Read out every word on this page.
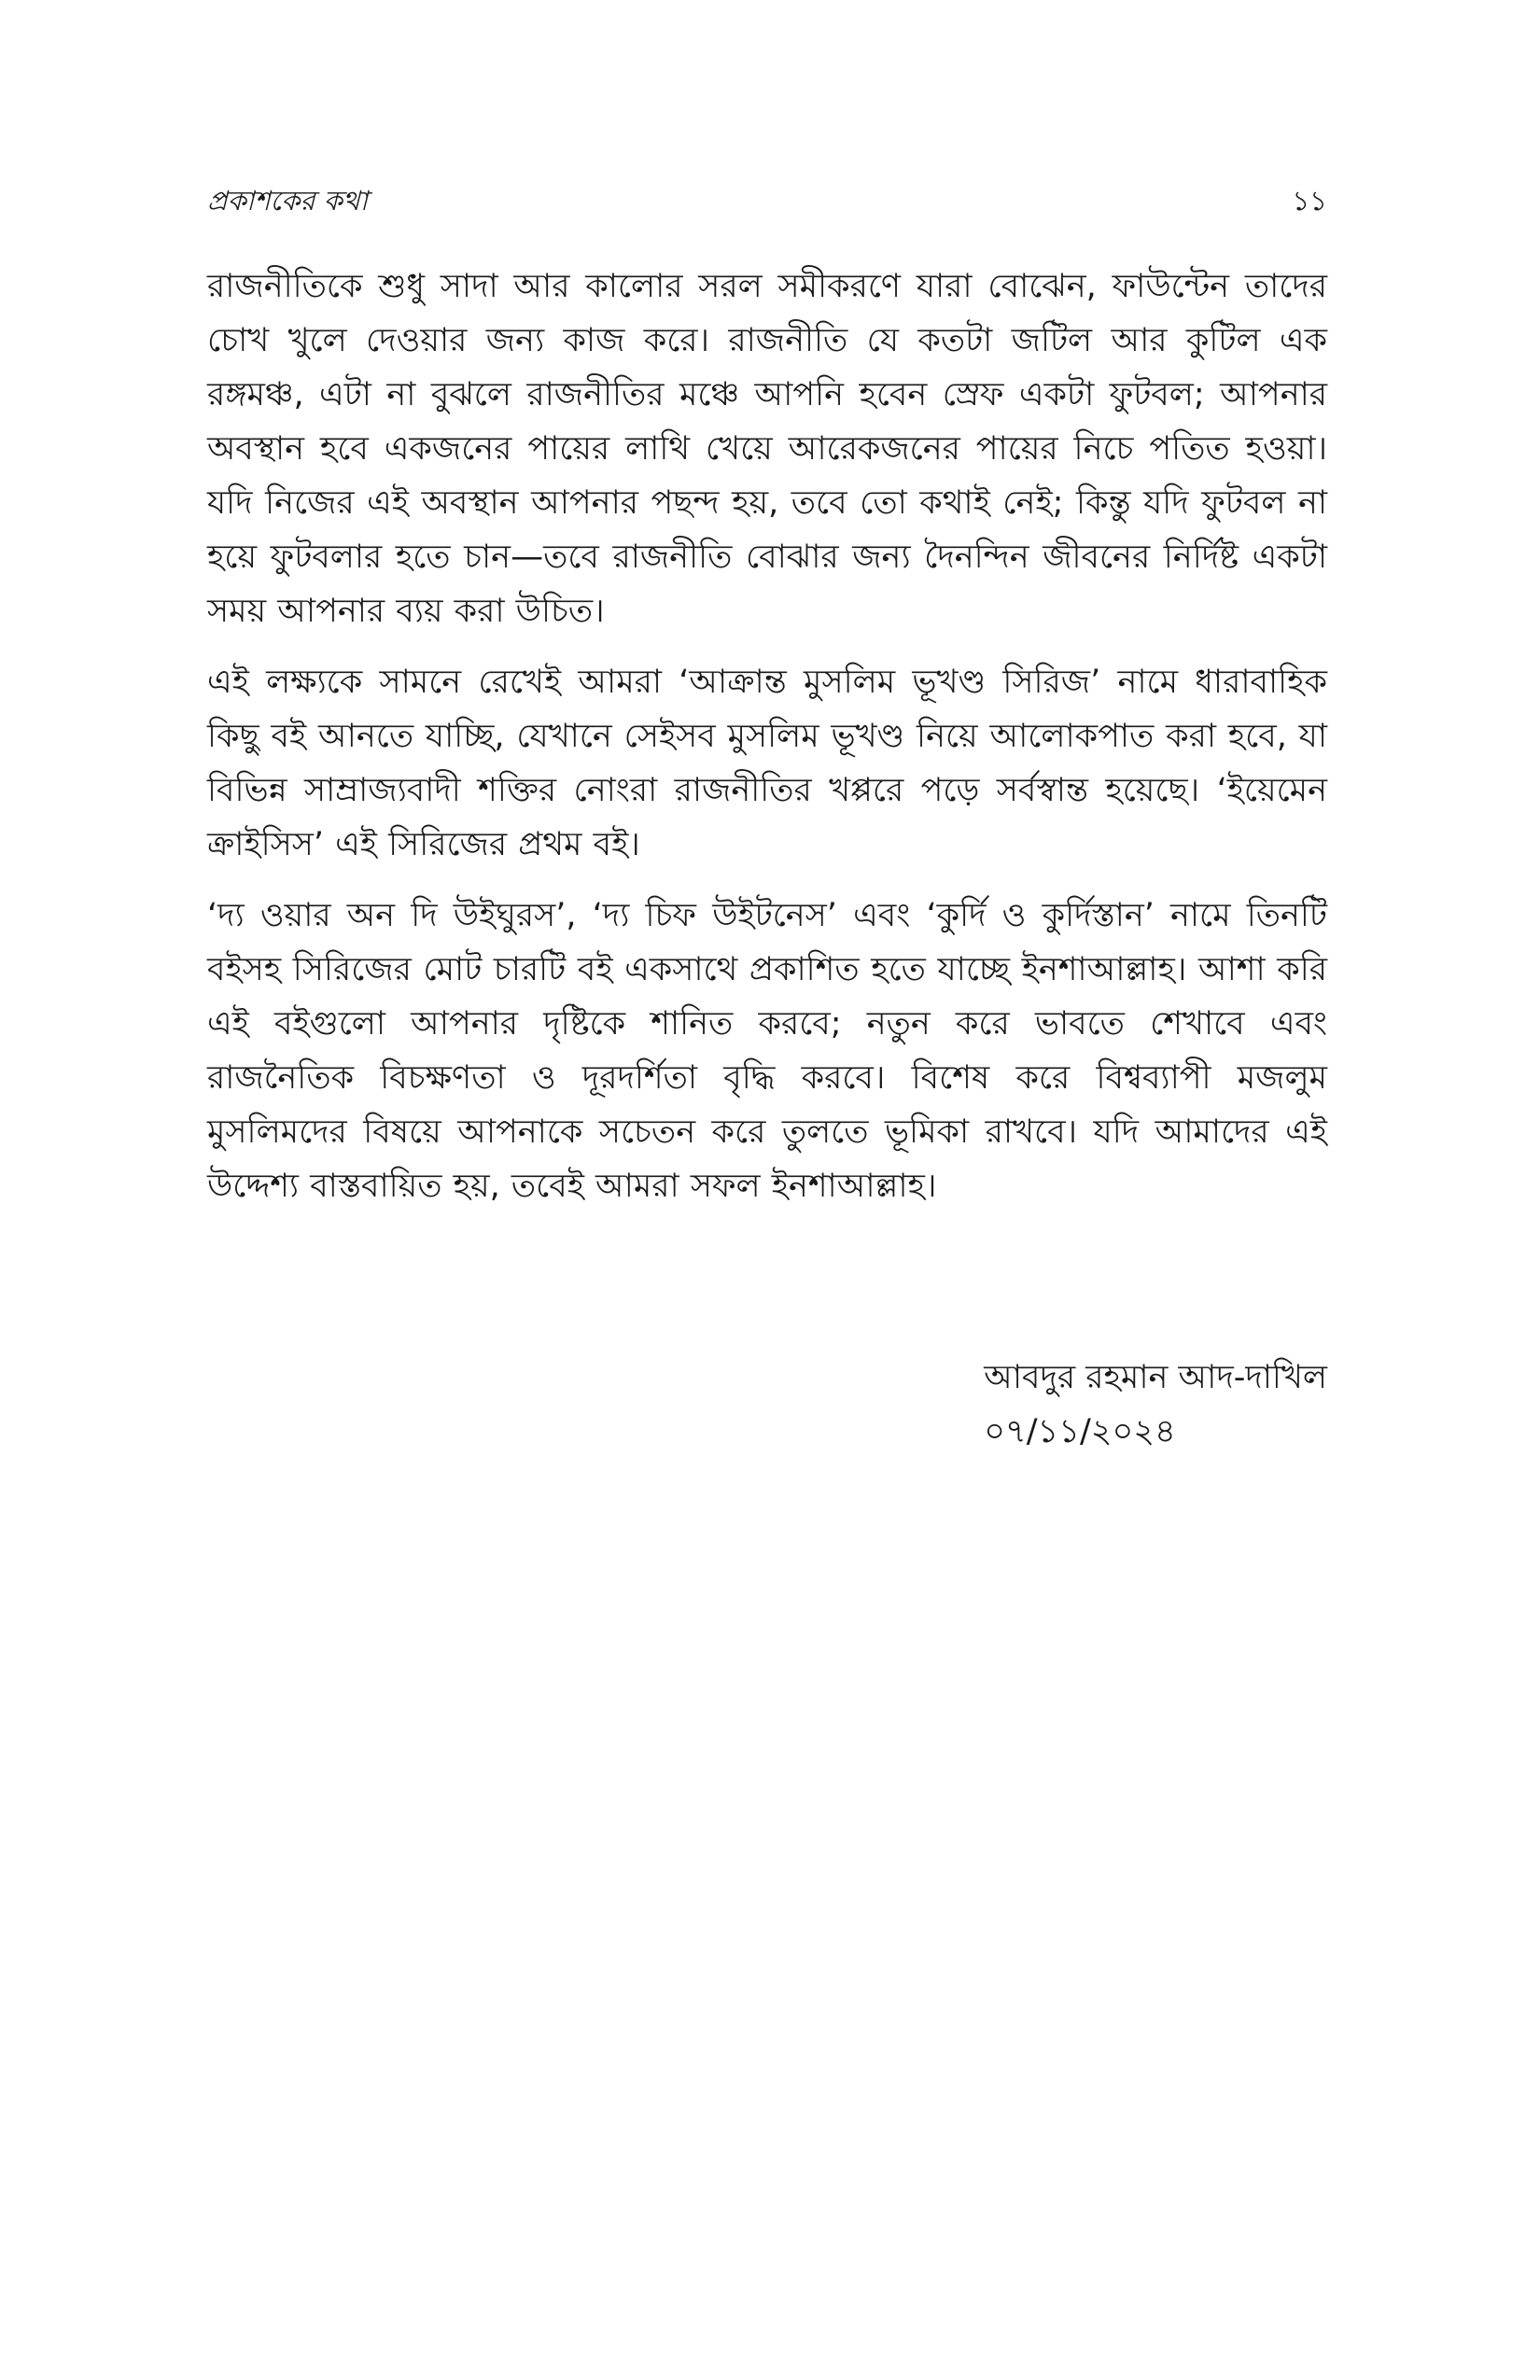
প্রকাশকের কথা	১১

রাজনীতিকে শুধু সাদা আর কালোর সরল সমীকরণে যারা বোঝেন, ফাউন্টেন তাদের চোখ খুলে দেওয়ার জন্য কাজ করে। রাজনীতি যে কতটা জটিল আর কুটিল এক রঙ্গমঞ্চ, এটা না বুঝলে রাজনীতির মঞ্চে আপনি হবেন স্রেফ একটা ফুটবল; আপনার অবস্থান হবে একজনের পায়ের লাথি খেয়ে আরেকজনের পায়ের নিচে পতিত হওয়া। যদি নিজের এই অবস্থান আপনার পছন্দ হয়, তবে তো কথাই নেই; কিন্তু যদি ফুটবল না হয়ে ফুটবলার হতে চান—তবে রাজনীতি বোঝার জন্য দৈনন্দিন জীবনের নির্দিষ্ট একটা সময় আপনার ব্যয় করা উচিত।

এই লক্ষ্যকে সামনে রেখেই আমরা ‘আক্রান্ত মুসলিম ভূখণ্ড সিরিজ’ নামে ধারাবাহিক কিছু বই আনতে যাচ্ছি, যেখানে সেইসব মুসলিম ভূখণ্ড নিয়ে আলোকপাত করা হবে, যা বিভিন্ন সাম্রাজ্যবাদী শক্তির নোংরা রাজনীতির খপ্পরে পড়ে সর্বস্বান্ত হয়েছে। ‘ইয়েমেন ক্রাইসিস’ এই সিরিজের প্রথম বই।

‘দ্য ওয়ার অন দি উইঘুরস’, ‘দ্য চিফ উইটনেস’ এবং ‘কুর্দি ও কুর্দিস্তান’ নামে তিনটি বইসহ সিরিজের মোট চারটি বই একসাথে প্রকাশিত হতে যাচ্ছে ইনশাআল্লাহ। আশা করি এই বইগুলো আপনার দৃষ্টিকে শানিত করবে; নতুন করে ভাবতে শেখাবে এবং রাজনৈতিক বিচক্ষণতা ও দূরদর্শিতা বৃদ্ধি করবে। বিশেষ করে বিশ্বব্যাপী মজলুম মুসলিমদের বিষয়ে আপনাকে সচেতন করে তুলতে ভূমিকা রাখবে। যদি আমাদের এই উদ্দেশ্য বাস্তবায়িত হয়, তবেই আমরা সফল ইনশাআল্লাহ।

আবদুর রহমান আদ-দাখিল
০৭/১১/২০২৪
